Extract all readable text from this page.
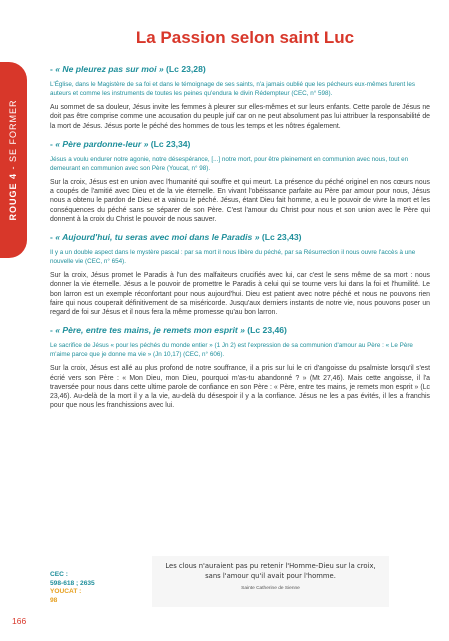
ROUGE 4 - SE FORMER
La Passion selon saint Luc
- « Ne pleurez pas sur moi » (Lc 23,28)

L'Église, dans le Magistère de sa foi et dans le témoignage de ses saints, n'a jamais oublié que les pécheurs eux-mêmes furent les auteurs et comme les instruments de toutes les peines qu'endura le divin Rédempteur (CEC, n° 598).

Au sommet de sa douleur, Jésus invite les femmes à pleurer sur elles-mêmes et sur leurs enfants. Cette parole de Jésus ne doit pas être comprise comme une accusation du peuple juif car on ne peut absolument pas lui attribuer la responsabilité de la mort de Jésus. Jésus porte le péché des hommes de tous les temps et les nôtres également.

- « Père pardonne-leur » (Lc 23,34)

Jésus a voulu endurer notre agonie, notre désespérance, [...] notre mort, pour être pleinement en communion avec nous, tout en demeurant en communion avec son Père (Youcat, n° 98).

Sur la croix, Jésus est en union avec l'humanité qui souffre et qui meurt. La présence du péché originel en nos cœurs nous a coupés de l'amitié avec Dieu et de la vie éternelle. En vivant l'obéissance parfaite au Père par amour pour nous, Jésus nous a obtenu le pardon de Dieu et a vaincu le péché. Jésus, étant Dieu fait homme, a eu le pouvoir de vivre la mort et les conséquences du péché sans se séparer de son Père. C'est l'amour du Christ pour nous et son union avec le Père qui donnent à la croix du Christ le pouvoir de nous sauver.

- « Aujourd'hui, tu seras avec moi dans le Paradis » (Lc 23,43)

Il y a un double aspect dans le mystère pascal : par sa mort il nous libère du péché, par sa Résurrection il nous ouvre l'accès à une nouvelle vie (CEC, n° 654).

Sur la croix, Jésus promet le Paradis à l'un des malfaiteurs crucifiés avec lui, car c'est le sens même de sa mort : nous donner la vie éternelle. Jésus a le pouvoir de promettre le Paradis à celui qui se tourne vers lui dans la foi et l'humilité. Le bon larron est un exemple réconfortant pour nous aujourd'hui. Dieu est patient avec notre péché et nous ne pouvons rien faire qui nous couperait définitivement de sa miséricorde. Jusqu'aux derniers instants de notre vie, nous pouvons poser un regard de foi sur Jésus et il nous fera la même promesse qu'au bon larron.

- « Père, entre tes mains, je remets mon esprit » (Lc 23,46)

Le sacrifice de Jésus « pour les péchés du monde entier » (1 Jn 2) est l'expression de sa communion d'amour au Père : « Le Père m'aime parce que je donne ma vie » (Jn 10,17) (CEC, n° 606).

Sur la croix, Jésus est allé au plus profond de notre souffrance, il a pris sur lui le cri d'angoisse du psalmiste lorsqu'il s'est écrié vers son Père : « Mon Dieu, mon Dieu, pourquoi m'as-tu abandonné ? » (Mt 27,46). Mais cette angoisse, il l'a traversée pour nous dans cette ultime parole de confiance en son Père : « Père, entre tes mains, je remets mon esprit » (Lc 23,46). Au-delà de la mort il y a la vie, au-delà du désespoir il y a la confiance. Jésus ne les a pas évités, il les a franchis pour que nous les franchissions avec lui.

CEC :
598-618 ; 2635
YOUCAT :
98
Les clous n'auraient pas pu retenir l'Homme-Dieu sur la croix,
sans l'amour qu'il avait pour l'homme.
Sainte Catherine de Sienne
166
